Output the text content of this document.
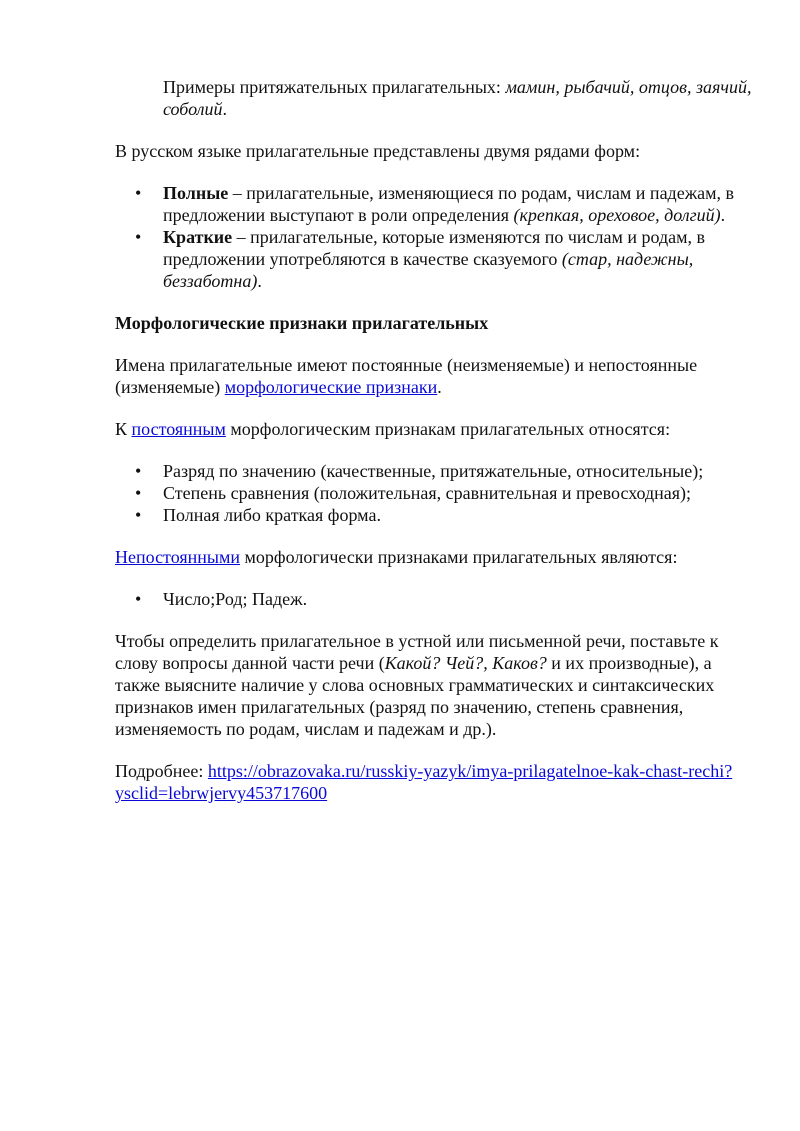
Примеры притяжательных прилагательных: мамин, рыбачий, отцов, заячий, соболий.

В русском языке прилагательные представлены двумя рядами форм:

• Полные – прилагательные, изменяющиеся по родам, числам и падежам, в предложении выступают в роли определения (крепкая, ореховое, долгий).
• Краткие – прилагательные, которые изменяются по числам и родам, в предложении употребляются в качестве сказуемого (стар, надежны, беззаботна).

Морфологические признаки прилагательных

Имена прилагательные имеют постоянные (неизменяемые) и непостоянные (изменяемые) морфологические признаки.

К постоянным морфологическим признакам прилагательных относятся:

• Разряд по значению (качественные, притяжательные, относительные);
• Степень сравнения (положительная, сравнительная и превосходная);
• Полная либо краткая форма.

Непостоянными морфологически признаками прилагательных являются:

• Число;Род; Падеж.

Чтобы определить прилагательное в устной или письменной речи, поставьте к слову вопросы данной части речи (Какой? Чей?, Каков? и их производные), а также выясните наличие у слова основных грамматических и синтаксических признаков имен прилагательных (разряд по значению, степень сравнения, изменяемость по родам, числам и падежам и др.).

Подробнее: https://obrazovaka.ru/russkiy-yazyk/imya-prilagatelnoe-kak-chast-rechi?ysclid=lebrwjervy453717600
